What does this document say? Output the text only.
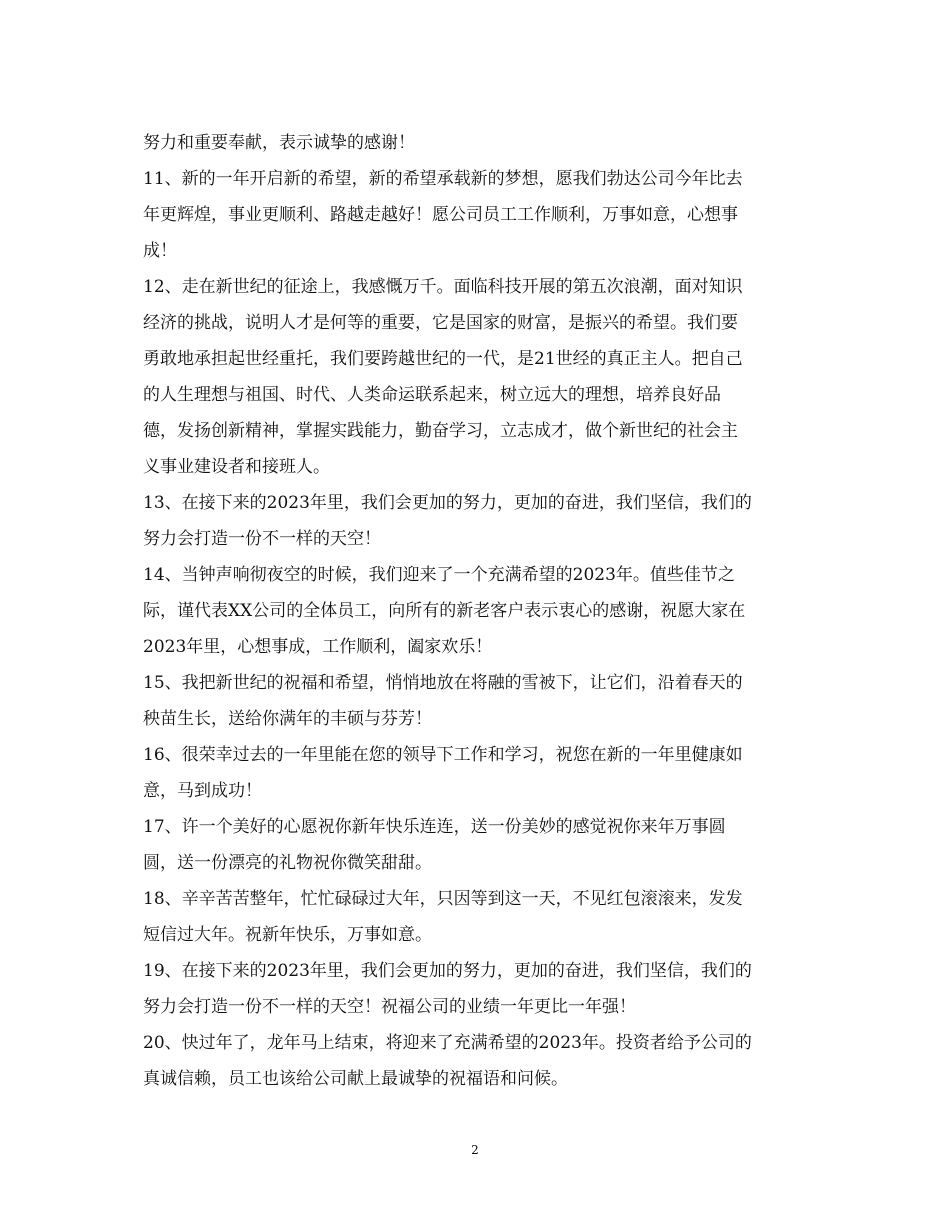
努力和重要奉献，表示诚挚的感谢！
11、新的一年开启新的希望，新的希望承载新的梦想，愿我们勃达公司今年比去
年更辉煌，事业更顺利、路越走越好！愿公司员工工作顺利，万事如意，心想事
成！
12、走在新世纪的征途上，我感慨万千。面临科技开展的第五次浪潮，面对知识
经济的挑战，说明人才是何等的重要，它是国家的财富，是振兴的希望。我们要
勇敢地承担起世经重托，我们要跨越世纪的一代，是21世经的真正主人。把自己
的人生理想与祖国、时代、人类命运联系起来，树立远大的理想，培养良好品
德，发扬创新精神，掌握实践能力，勤奋学习，立志成才，做个新世纪的社会主
义事业建设者和接班人。
13、在接下来的2023年里，我们会更加的努力，更加的奋进，我们坚信，我们的
努力会打造一份不一样的天空！
14、当钟声响彻夜空的时候，我们迎来了一个充满希望的2023年。值些佳节之
际，谨代表XX公司的全体员工，向所有的新老客户表示衷心的感谢，祝愿大家在
2023年里，心想事成，工作顺利，阖家欢乐！
15、我把新世纪的祝福和希望，悄悄地放在将融的雪被下，让它们，沿着春天的
秧苗生长，送给你满年的丰硕与芬芳！
16、很荣幸过去的一年里能在您的领导下工作和学习，祝您在新的一年里健康如
意，马到成功！
17、许一个美好的心愿祝你新年快乐连连，送一份美妙的感觉祝你来年万事圆
圆，送一份漂亮的礼物祝你微笑甜甜。
18、辛辛苦苦整年，忙忙碌碌过大年，只因等到这一天，不见红包滚滚来，发发
短信过大年。祝新年快乐，万事如意。
19、在接下来的2023年里，我们会更加的努力，更加的奋进，我们坚信，我们的
努力会打造一份不一样的天空！祝福公司的业绩一年更比一年强！
20、快过年了，龙年马上结束，将迎来了充满希望的2023年。投资者给予公司的
真诚信赖，员工也该给公司献上最诚挚的祝福语和问候。
2
